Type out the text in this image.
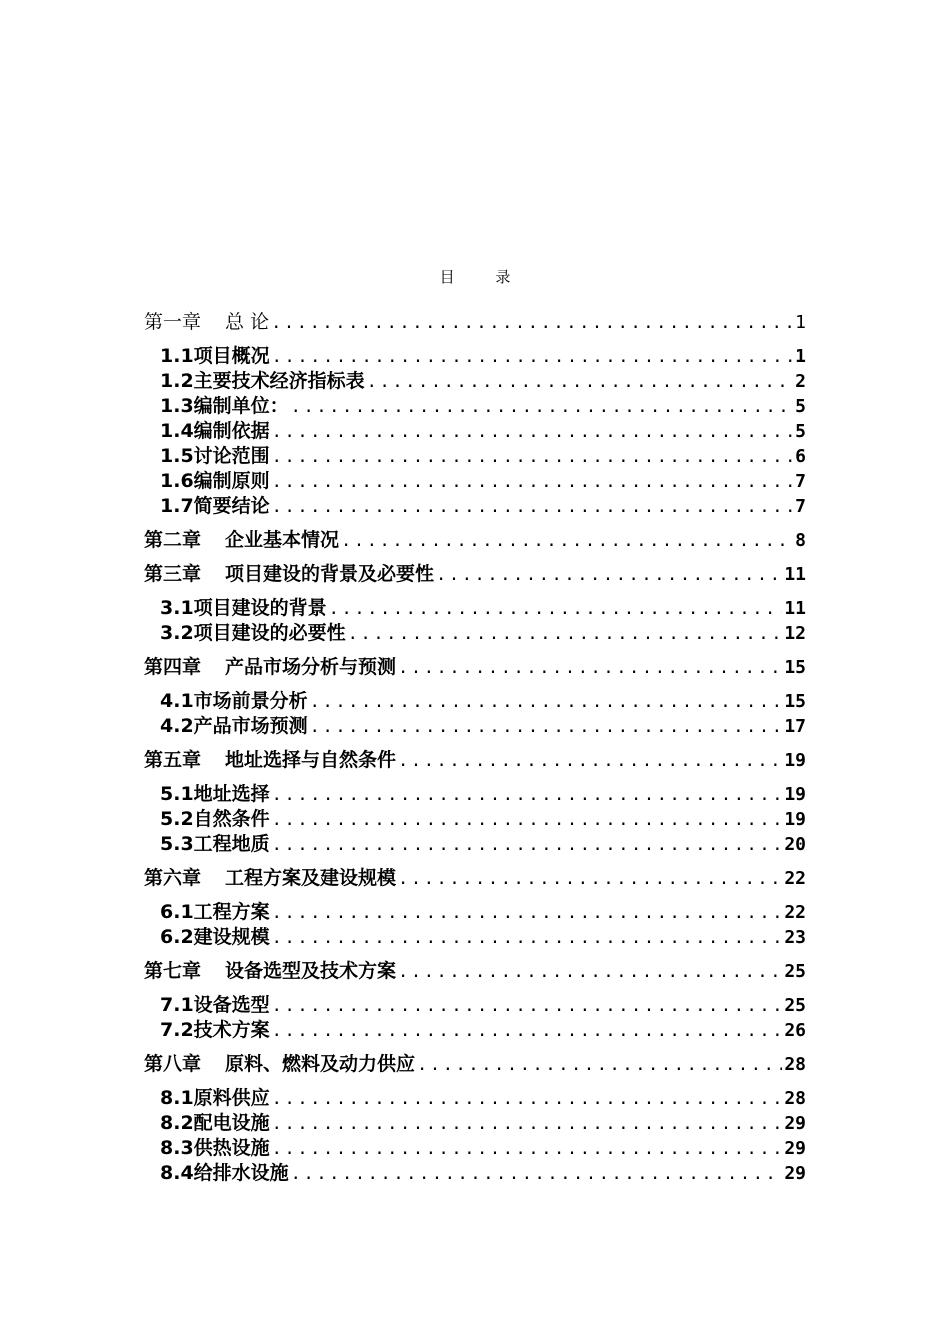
目 录
第一章 总 论 .....	1
1.1项目概况 .....	1
1.2主要技术经济指标表 .....	2
1.3编制单位： .....	5
1.4编制依据 .....	5
1.5讨论范围 .....	6
1.6编制原则 .....	7
1.7简要结论 .....	7
第二章 企业基本情况 .....	8
第三章 项目建设的背景及必要性 .....	11
3.1项目建设的背景 .....	11
3.2项目建设的必要性 .....	12
第四章 产品市场分析与预测 .....	15
4.1市场前景分析 .....	15
4.2产品市场预测 .....	17
第五章 地址选择与自然条件 .....	19
5.1地址选择 .....	19
5.2自然条件 .....	19
5.3工程地质 .....	20
第六章 工程方案及建设规模 .....	22
6.1工程方案 .....	22
6.2建设规模 .....	23
第七章 设备选型及技术方案 .....	25
7.1设备选型 .....	25
7.2技术方案 .....	26
第八章 原料、燃料及动力供应 .....	28
8.1原料供应 .....	28
8.2配电设施 .....	29
8.3供热设施 .....	29
8.4给排水设施 .....	29
